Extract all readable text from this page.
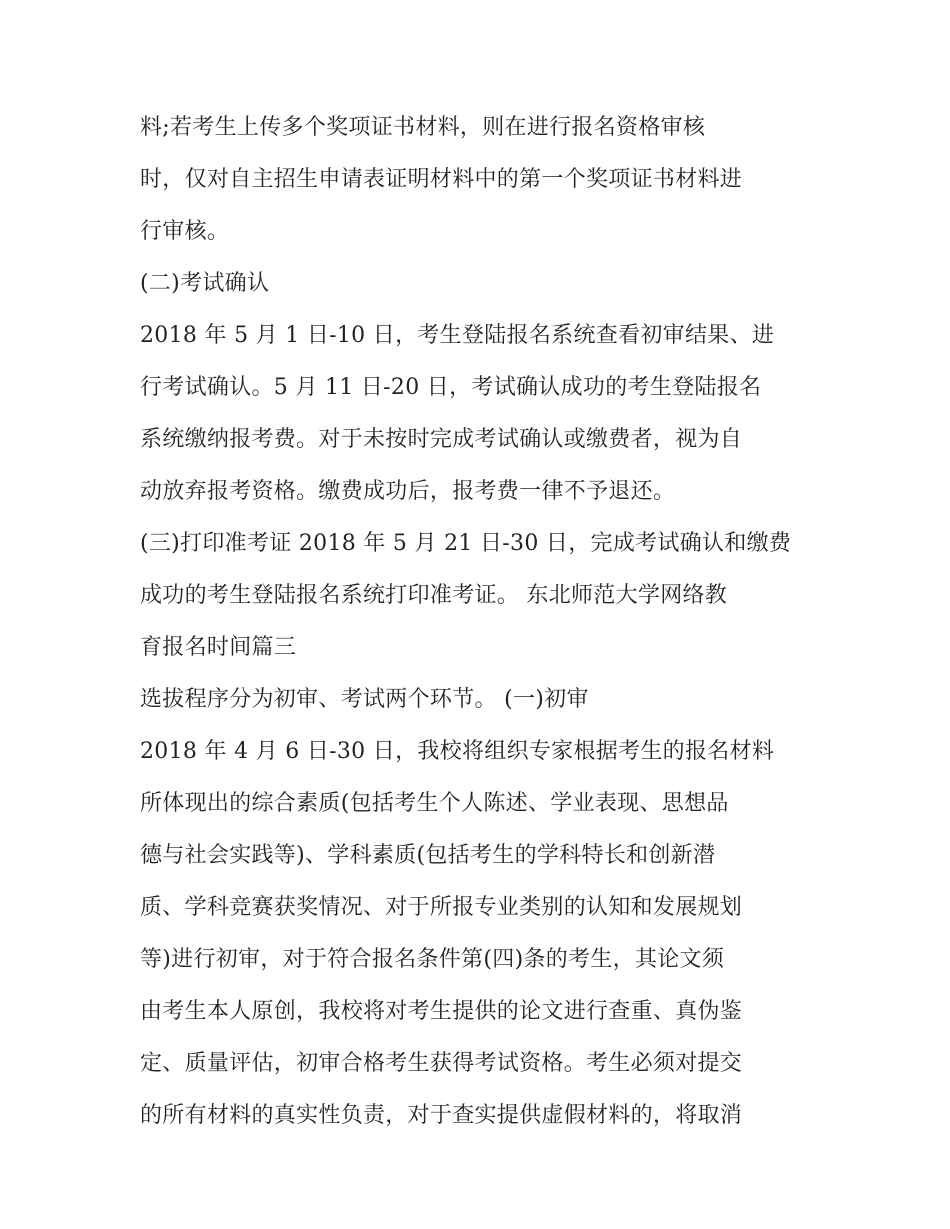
料;若考生上传多个奖项证书材料，则在进行报名资格审核
时，仅对自主招生申请表证明材料中的第一个奖项证书材料进
行审核。
(二)考试确认
2018 年 5 月 1 日-10 日，考生登陆报名系统查看初审结果、进
行考试确认。5 月 11 日-20 日，考试确认成功的考生登陆报名
系统缴纳报考费。对于未按时完成考试确认或缴费者，视为自
动放弃报考资格。缴费成功后，报考费一律不予退还。
(三)打印准考证 2018 年 5 月 21 日-30 日，完成考试确认和缴费
成功的考生登陆报名系统打印准考证。 东北师范大学网络教
育报名时间篇三
选拔程序分为初审、考试两个环节。 (一)初审
2018 年 4 月 6 日-30 日，我校将组织专家根据考生的报名材料
所体现出的综合素质(包括考生个人陈述、学业表现、思想品
德与社会实践等)、学科素质(包括考生的学科特长和创新潜
质、学科竞赛获奖情况、对于所报专业类别的认知和发展规划
等)进行初审，对于符合报名条件第(四)条的考生，其论文须
由考生本人原创，我校将对考生提供的论文进行查重、真伪鉴
定、质量评估，初审合格考生获得考试资格。考生必须对提交
的所有材料的真实性负责，对于查实提供虚假材料的，将取消
